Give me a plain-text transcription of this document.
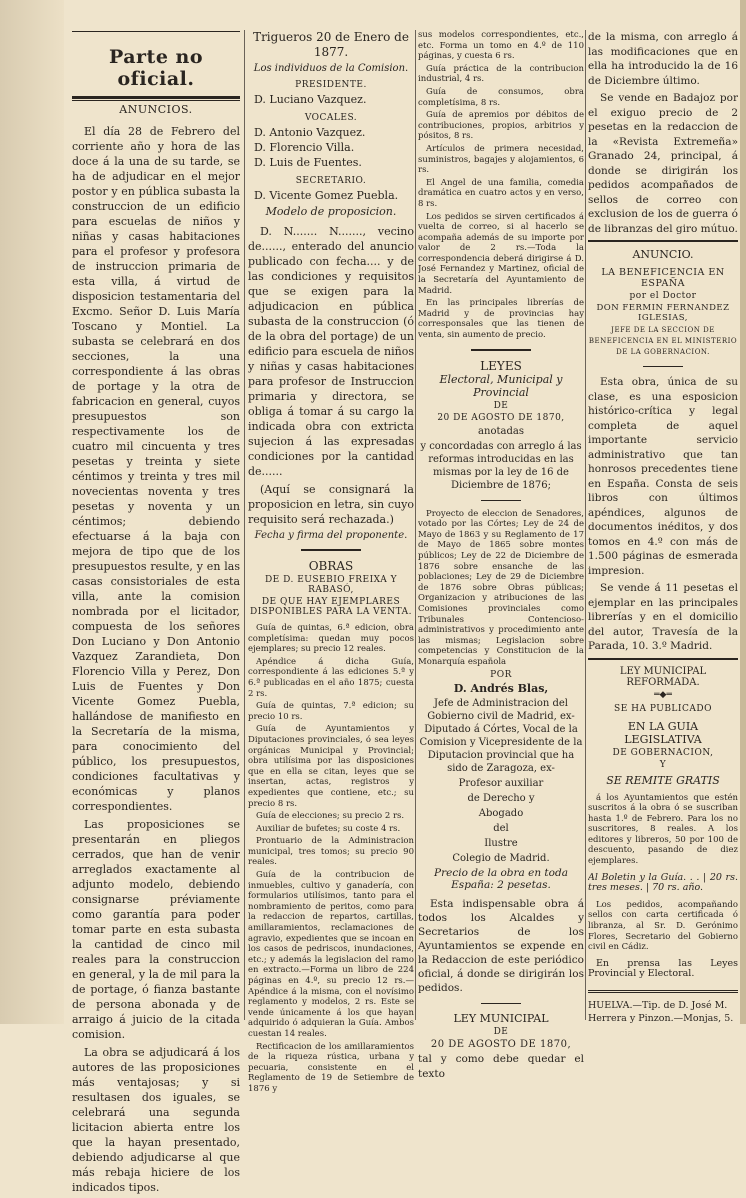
Parte no oficial.

ANUNCIOS.

El día 28 de Febrero del corriente año y hora de las doce á la una de su tarde, se ha de adjudicar en el mejor postor y en pública subasta la construccion de un edificio para escuelas de niños y niñas y casas habitaciones para el profesor y profesora de instruccion primaria de esta villa, á virtud de disposicion testamentaria del Excmo. Señor D. Luis María Toscano y Montiel. La subasta se celebrará en dos secciones, la una correspondiente á las obras de portage y la otra de fabricacion en general, cuyos presupuestos son respectivamente los de cuatro mil cincuenta y tres pesetas y treinta y siete céntimos y treinta y tres mil novecientas noventa y tres pesetas y noventa y un céntimos; debiendo efectuarse á la baja con mejora de tipo que de los presupuestos resulte, y en las casas consistoriales de esta villa, ante la comision nombrada por el licitador, compuesta de los señores Don Luciano y Don Antonio Vazquez Zarandieta, Don Florencio Villa y Perez, Don Luis de Fuentes y Don Vicente Gomez Puebla, hallándose de manifiesto en la Secretaría de la misma, para conocimiento del público, los presupuestos, condiciones facultativas y económicas y planos correspondientes.

Las proposiciones se presentarán en pliegos cerrados, que han de venir arreglados exactamente al adjunto modelo, debiendo consignarse préviamente como garantía para poder tomar parte en esta subasta la cantidad de cinco mil reales para la construccion en general, y la de mil para la de portage, ó fianza bastante de persona abonada y de arraigo á juicio de la citada comision.

La obra se adjudicará á los autores de las proposiciones más ventajosas; y si resultasen dos iguales, se celebrará una segunda licitacion abierta entre los que la hayan presentado, debiendo adjudicarse al que más rebaja hiciere de los indicados tipos.

Trigueros 20 de Enero de 1877.

Los individuos de la Comision.

PRESIDENTE.

D. Luciano Vazquez.

VOCALES.

D. Antonio Vazquez.

D. Florencio Villa.

D. Luis de Fuentes.

SECRETARIO.

D. Vicente Gomez Puebla.

Modelo de proposicion.

D. N....... N......., vecino de......, enterado del anuncio publicado con fecha.... y de las condiciones y requisitos que se exigen para la adjudicacion en pública subasta de la construccion (ó de la obra del portage) de un edificio para escuela de niños y niñas y casas habitaciones para profesor de Instruccion primaria y directora, se obliga á tomar á su cargo la indicada obra con extricta sujecion á las expresadas condiciones por la cantidad de......

(Aquí se consignará la proposicion en letra, sin cuyo requisito será rechazada.)

Fecha y firma del proponente.

OBRAS

DE D. EUSEBIO FREIXA Y RABASÓ,

DE QUE HAY EJEMPLARES DISPONIBLES PARA LA VENTA.

Guía de quintas, 6.ª edicion, obra completísima: quedan muy pocos ejemplares; su precio 12 reales.

Apéndice á dicha Guía, correspondiente á las ediciones 5.ª y 6.ª publicadas en el año 1875; cuesta 2 rs.

Guía de quintas, 7.ª edicion; su precio 10 rs.

Guía de Ayuntamientos y Diputaciones provinciales, ó sea leyes orgánicas Municipal y Provincial; obra utilísima por las disposiciones que en ella se citan, leyes que se insertan, actas, registros y expedientes que contiene, etc.; su precio 8 rs.

Guía de elecciones; su precio 2 rs.

Auxiliar de bufetes; su coste 4 rs.

Prontuario de la Administracion municipal, tres tomos; su precio 90 reales.

Guía de la contribucion de inmuebles, cultivo y ganadería, con formularios utilísimos, tanto para el nombramiento de peritos, como para la redaccion de repartos, cartillas, amillaramientos, reclamaciones de agravio, expedientes que se incoan en los casos de pedriscos, inundaciones, etc.; y además la legislacion del ramo en extracto.—Forma un libro de 224 páginas en 4.º, su precio 12 rs.—Apéndice á la misma, con el novísimo reglamento y modelos, 2 rs. Este se vende únicamente á los que hayan adquirido ó adquieran la Guía. Ambos cuestan 14 reales.

Rectificacion de los amillaramientos de la riqueza rústica, urbana y pecuaria, consistente en el Reglamento de 19 de Setiembre de 1876 y

sus modelos correspondientes, etc., etc. Forma un tomo en 4.º de 110 páginas, y cuesta 6 rs.

Guía práctica de la contribucion industrial, 4 rs.

Guía de consumos, obra completísima, 8 rs.

Guía de apremios por débitos de contribuciones, propios, arbitrios y pósitos, 8 rs.

Artículos de primera necesidad, suministros, bagajes y alojamientos, 6 rs.

El Angel de una familia, comedia dramática en cuatro actos y en verso, 8 rs.

Los pedidos se sirven certificados á vuelta de correo, si al hacerlo se acompaña además de su importe por valor de 2 rs.—Toda la correspondencia deberá dirigirse á D. José Fernandez y Martinez, oficial de la Secretaría del Ayuntamiento de Madrid.

En las principales librerías de Madrid y de provincias hay corresponsales que las tienen de venta, sin aumento de precio.

LEYES

Electoral, Municipal y Provincial

DE

20 DE AGOSTO DE 1870,

anotadas

y concordadas con arreglo á las reformas introducidas en las mismas por la ley de 16 de Diciembre de 1876;

Proyecto de eleccion de Senadores, votado por las Córtes; Ley de 24 de Mayo de 1863 y su Reglamento de 17 de Mayo de 1865 sobre montes públicos; Ley de 22 de Diciembre de 1876 sobre ensanche de las poblaciones; Ley de 29 de Diciembre de 1876 sobre Obras públicas; Organizacion y atribuciones de las Comisiones provinciales como Tribunales Contencioso-administrativos y procedimiento ante las mismas; Legislacion sobre competencias y Constitucion de la Monarquía española

POR

D. Andrés Blas,

Jefe de Administracion del Gobierno civil de Madrid, ex-Diputado á Córtes, Vocal de la Comision y Vicepresidente de la Diputacion provincial que ha sido de Zaragoza, ex-

Profesor auxiliar

de Derecho y

Abogado

del

Ilustre

Colegio de Madrid.

Precio de la obra en toda España: 2 pesetas.

Esta indispensable obra á todos los Alcaldes y Secretarios de los Ayuntamientos se expende en la Redaccion de este periódico oficial, á donde se dirigirán los pedidos.

LEY MUNICIPAL

DE

20 DE AGOSTO DE 1870,

tal y como debe quedar el texto

de la misma, con arreglo á las modificaciones que en ella ha introducido la de 16 de Diciembre último.

Se vende en Badajoz por el exiguo precio de 2 pesetas en la redaccion de la «Revista Extremeña» Granado 24, principal, á donde se dirigirán los pedidos acompañados de sellos de correo con exclusion de los de guerra ó de libranzas del giro mútuo.

ANUNCIO.

LA BENEFICENCIA EN ESPAÑA

por el Doctor

DON FERMIN FERNANDEZ IGLESIAS,

JEFE DE LA SECCION DE BENEFICENCIA EN EL MINISTERIO DE LA GOBERNACION.

Esta obra, única de su clase, es una esposicion histórico-crítica y legal completa de aquel importante servicio administrativo que tan honrosos precedentes tiene en España. Consta de seis libros con últimos apéndices, algunos de documentos inéditos, y dos tomos en 4.º con más de 1.500 páginas de esmerada impresion.

Se vende á 11 pesetas el ejemplar en las principales librerías y en el domicilio del autor, Travesía de la Parada, 10. 3.º Madrid.

LEY MUNICIPAL REFORMADA.

═◆═

SE HA PUBLICADO

EN LA GUIA LEGISLATIVA

DE GOBERNACION,

Y

SE REMITE GRATIS

á los Ayuntamientos que estén suscritos á la obra ó se suscriban hasta 1.º de Febrero. Para los no suscritores, 8 reales. A los editores y libreros, 50 por 100 de descuento, pasando de diez ejemplares.

Al Boletin y la Guía. . . | 20 rs. tres meses. | 70 rs. año.

Los pedidos, acompañando sellos con carta certificada ó libranza, al Sr. D. Gerónimo Flores, Secretario del Gobierno civil en Cádiz.

En prensa las Leyes Provincial y Electoral.

HUELVA.—Tip. de D. José M. Herrera y Pinzon.—Monjas, 5.
